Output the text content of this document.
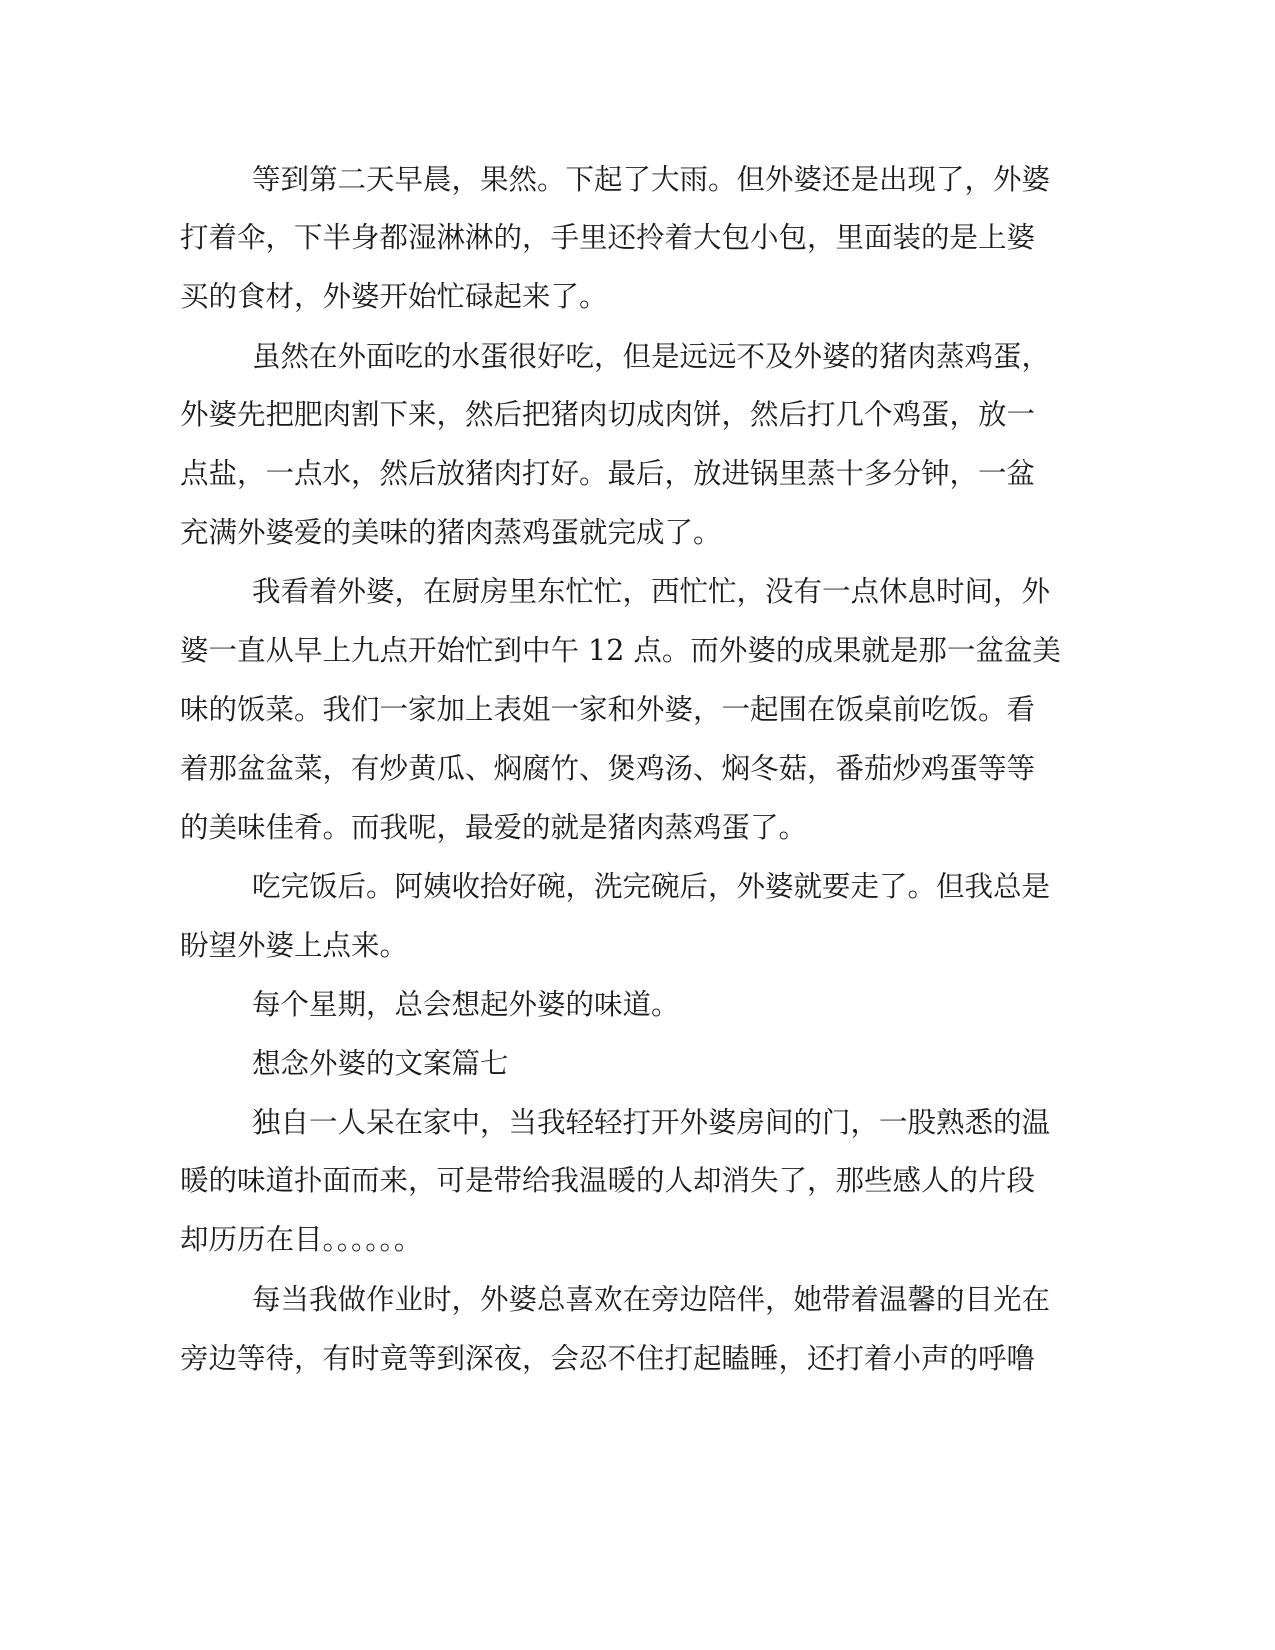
等到第二天早晨，果然。下起了大雨。但外婆还是出现了，外婆
打着伞，下半身都湿淋淋的，手里还拎着大包小包，里面装的是上婆
买的食材，外婆开始忙碌起来了。
虽然在外面吃的水蛋很好吃，但是远远不及外婆的猪肉蒸鸡蛋，
外婆先把肥肉割下来，然后把猪肉切成肉饼，然后打几个鸡蛋，放一
点盐，一点水，然后放猪肉打好。最后，放进锅里蒸十多分钟，一盆
充满外婆爱的美味的猪肉蒸鸡蛋就完成了。
我看着外婆，在厨房里东忙忙，西忙忙，没有一点休息时间，外
婆一直从早上九点开始忙到中午 12 点。而外婆的成果就是那一盆盆美
味的饭菜。我们一家加上表姐一家和外婆，一起围在饭桌前吃饭。看
着那盆盆菜，有炒黄瓜、焖腐竹、煲鸡汤、焖冬菇，番茄炒鸡蛋等等
的美味佳肴。而我呢，最爱的就是猪肉蒸鸡蛋了。
吃完饭后。阿姨收拾好碗，洗完碗后，外婆就要走了。但我总是
盼望外婆上点来。
每个星期，总会想起外婆的味道。
想念外婆的文案篇七
独自一人呆在家中，当我轻轻打开外婆房间的门，一股熟悉的温
暖的味道扑面而来，可是带给我温暖的人却消失了，那些感人的片段
却历历在目。。。。。。
每当我做作业时，外婆总喜欢在旁边陪伴，她带着温馨的目光在
旁边等待，有时竟等到深夜，会忍不住打起瞌睡，还打着小声的呼噜
